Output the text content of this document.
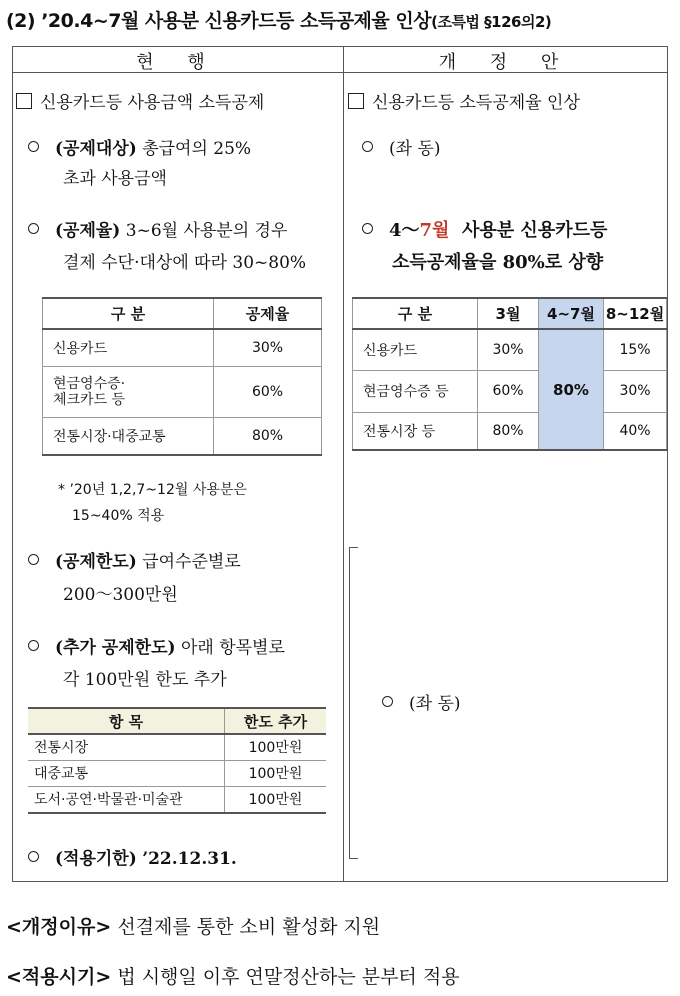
(2) ’20.4~7월 사용분 신용카드등 소득공제율 인상(조특법 §126의2)
현 행	개 정 안
신용카드등 사용금액 소득공제
(공제대상) 총급여의 25%
초과 사용금액
(공제율) 3~6월 사용분의 경우
결제 수단·대상에 따라 30~80%
구 분	공제율
신용카드	30%
현금영수증·
체크카드 등	60%
전통시장·대중교통	80%
* ’20년 1,2,7~12월 사용분은
15~40% 적용
(공제한도) 급여수준별로
200～300만원
(추가 공제한도) 아래 항목별로
각 100만원 한도 추가
항 목	한도 추가
전통시장	100만원
대중교통	100만원
도서·공연·박물관·미술관	100만원
(적용기한) ’22.12.31.
신용카드등 소득공제율 인상
(좌 동)
4～7월 사용분 신용카드등
소득공제율을 80%로 상향
구 분	3월	4~7월	8~12월
신용카드	30%	80%	15%
현금영수증 등	60%		30%
전통시장 등	80%		40%
(좌 동)
<개정이유> 선결제를 통한 소비 활성화 지원
<적용시기> 법 시행일 이후 연말정산하는 분부터 적용
